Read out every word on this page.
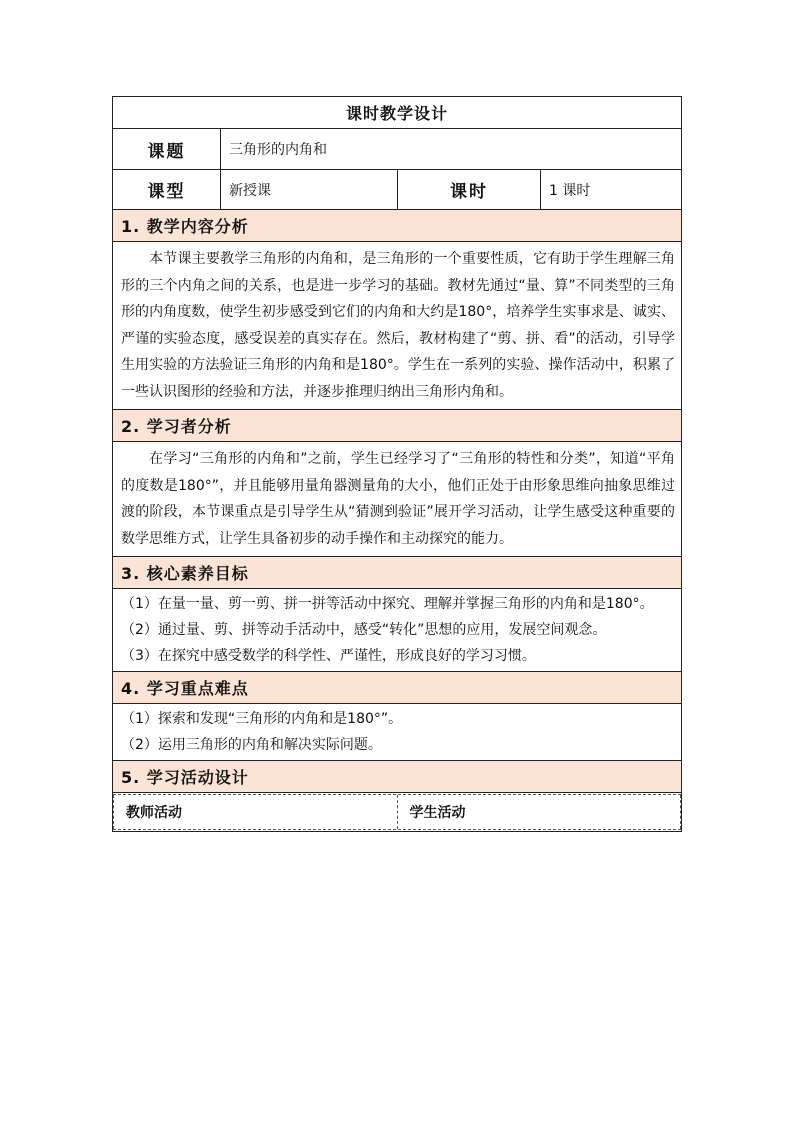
课时教学设计			
课题	三角形的内角和		
课型	新授课	课时	1 课时
1. 教学内容分析			

本节课主要教学三角形的内角和，是三角形的一个重要性质，它有助于学生理解三角形的三个内角之间的关系，也是进一步学习的基础。教材先通过“量、算”不同类型的三角形的内角度数，使学生初步感受到它们的内角和大约是180°，培养学生实事求是、诚实、严谨的实验态度，感受误差的真实存在。然后，教材构建了“剪、拼、看”的活动，引导学生用实验的方法验证三角形的内角和是180°。学生在一系列的实验、操作活动中，积累了一些认识图形的经验和方法，并逐步推理归纳出三角形内角和。			

2. 学习者分析			

在学习“三角形的内角和”之前，学生已经学习了“三角形的特性和分类”，知道“平角的度数是180°”，并且能够用量角器测量角的大小，他们正处于由形象思维向抽象思维过渡的阶段，本节课重点是引导学生从“猜测到验证”展开学习活动，让学生感受这种重要的数学思维方式，让学生具备初步的动手操作和主动探究的能力。			

3. 核心素养目标			

（1）在量一量、剪一剪、拼一拼等活动中探究、理解并掌握三角形的内角和是180°。
（2）通过量、剪、拼等动手活动中，感受“转化”思想的应用，发展空间观念。
（3）在探究中感受数学的科学性、严谨性，形成良好的学习习惯。			

4. 学习重点难点			

（1）探索和发现“三角形的内角和是180°”。
（2）运用三角形的内角和解决实际问题。			

5. 学习活动设计			

教师活动 学生活动			
